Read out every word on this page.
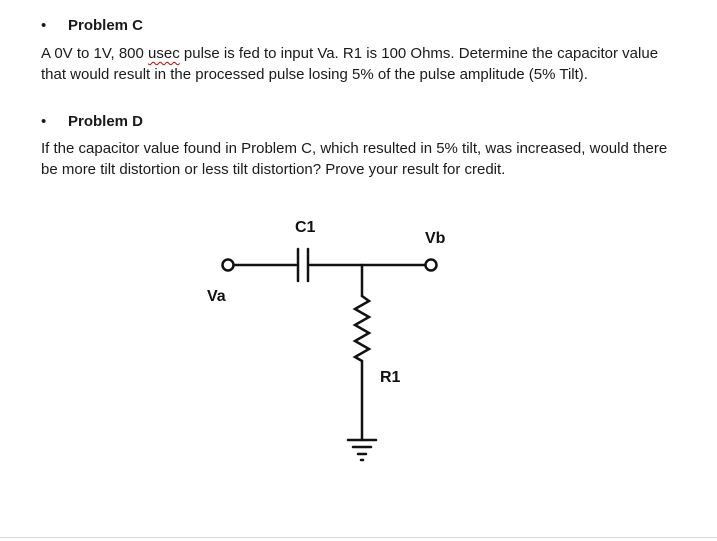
•	Problem C
A 0V to 1V, 800 usec pulse is fed to input Va. R1 is 100 Ohms. Determine the capacitor value that would result in the processed pulse losing 5% of the pulse amplitude (5% Tilt).
•	Problem D
If the capacitor value found in Problem C, which resulted in 5% tilt, was increased, would there be more tilt distortion or less tilt distortion? Prove your result for credit.
C1
Vb
Va
R1
